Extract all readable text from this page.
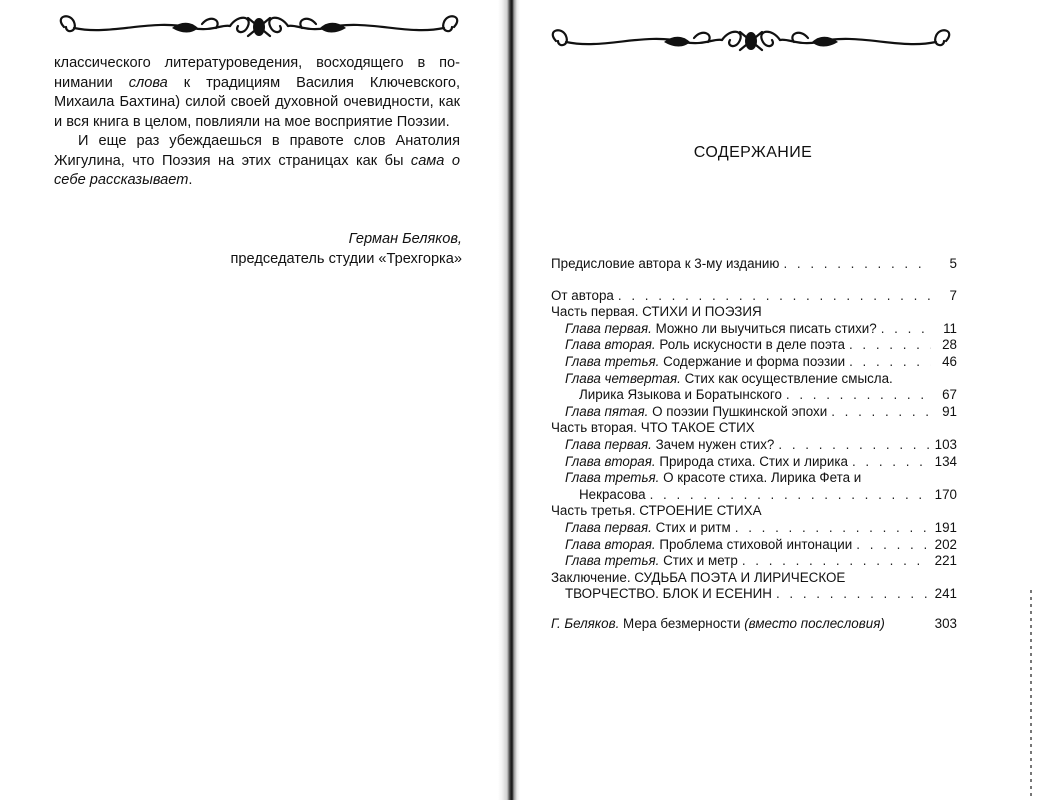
классического литературоведения, восходящего в по-нимании слова к традициям Василия Ключевского, Михаила Бахтина) силой своей духовной очевидности, как и вся книга в целом, повлияли на мое восприятие Поэзии.

И еще раз убеждаешься в правоте слов Анатолия Жигулина, что Поэзия на этих страницах как бы сама о себе рассказывает.

Герман Беляков,
председатель студии «Трехгорка»
СОДЕРЖАНИЕ
Предисловие автора к 3-му изданию . . .	5
От автора . . .	7
Часть первая. СТИХИ И ПОЭЗИЯ
Глава первая. Можно ли выучиться писать стихи? . . .	11
Глава вторая. Роль искусности в деле поэта . . .	28
Глава третья. Содержание и форма поэзии . . .	46
Глава четвертая. Стих как осуществление смысла.
Лирика Языкова и Боратынского . . .	67
Глава пятая. О поэзии Пушкинской эпохи . . .	91
Часть вторая. ЧТО ТАКОЕ СТИХ
Глава первая. Зачем нужен стих? . . .	103
Глава вторая. Природа стиха. Стих и лирика . . .	134
Глава третья. О красоте стиха. Лирика Фета и
Некрасова . . .	170
Часть третья. СТРОЕНИЕ СТИХА
Глава первая. Стих и ритм . . .	191
Глава вторая. Проблема стиховой интонации . . .	202
Глава третья. Стих и метр . . .	221
Заключение. СУДЬБА ПОЭТА И ЛИРИЧЕСКОЕ
ТВОРЧЕСТВО. БЛОК И ЕСЕНИН . . .	241
Г. Беляков. Мера безмерности (вместо послесловия)	303
